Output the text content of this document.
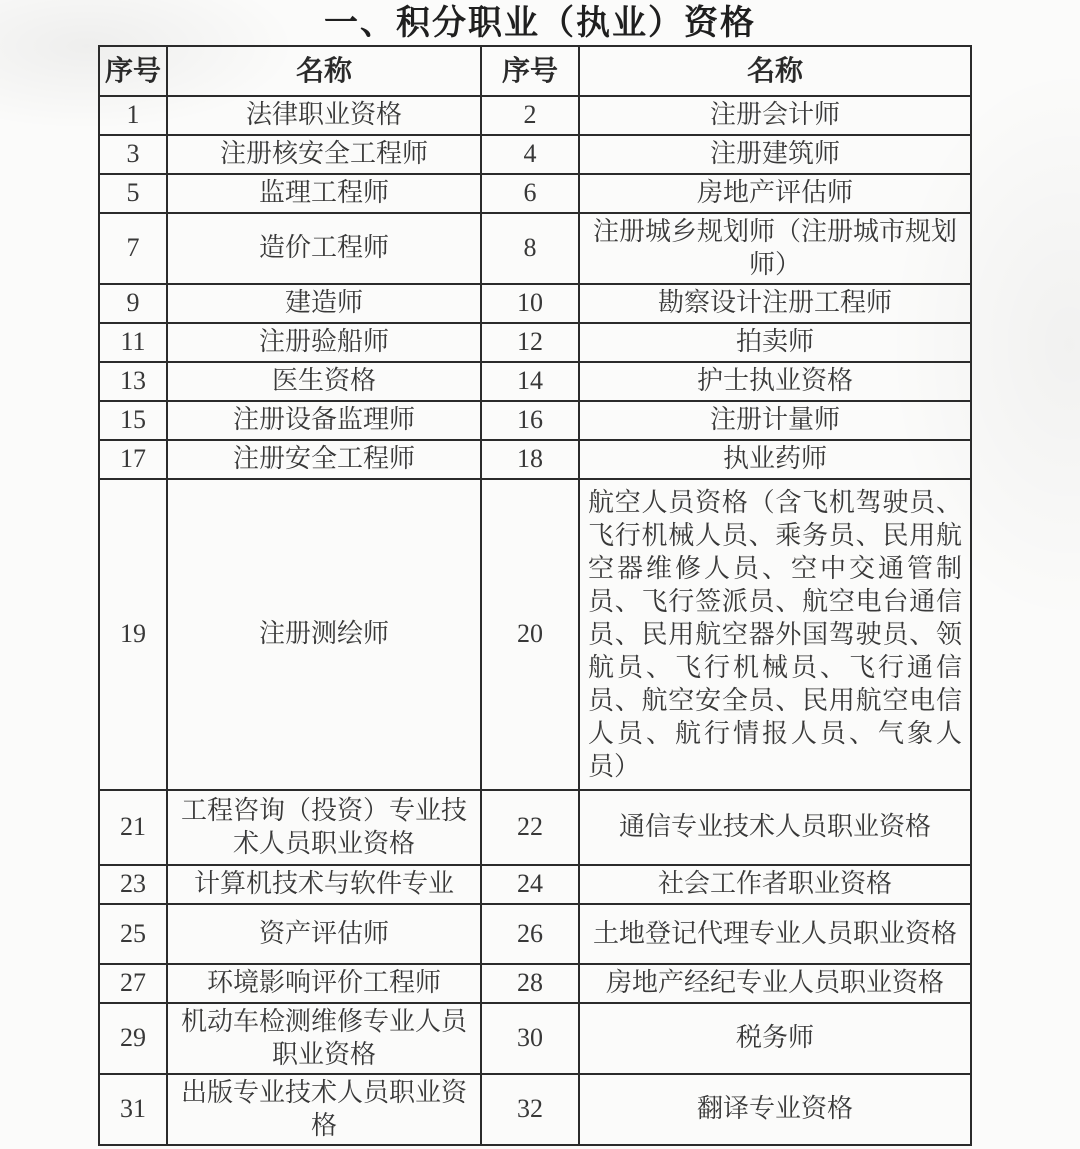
一、积分职业（执业）资格
序号	名称	序号	名称
1	法律职业资格	2	注册会计师
3	注册核安全工程师	4	注册建筑师
5	监理工程师	6	房地产评估师
7	造价工程师	8	注册城乡规划师（注册城市规划师）
9	建造师	10	勘察设计注册工程师
11	注册验船师	12	拍卖师
13	医生资格	14	护士执业资格
15	注册设备监理师	16	注册计量师
17	注册安全工程师	18	执业药师
19	注册测绘师	20	航空人员资格（含飞机驾驶员、飞行机械人员、乘务员、民用航空器维修人员、空中交通管制员、飞行签派员、航空电台通信员、民用航空器外国驾驶员、领航员、飞行机械员、飞行通信员、航空安全员、民用航空电信人员、航行情报人员、气象人员）
21	工程咨询（投资）专业技术人员职业资格	22	通信专业技术人员职业资格
23	计算机技术与软件专业	24	社会工作者职业资格
25	资产评估师	26	土地登记代理专业人员职业资格
27	环境影响评价工程师	28	房地产经纪专业人员职业资格
29	机动车检测维修专业人员职业资格	30	税务师
31	出版专业技术人员职业资格	32	翻译专业资格
